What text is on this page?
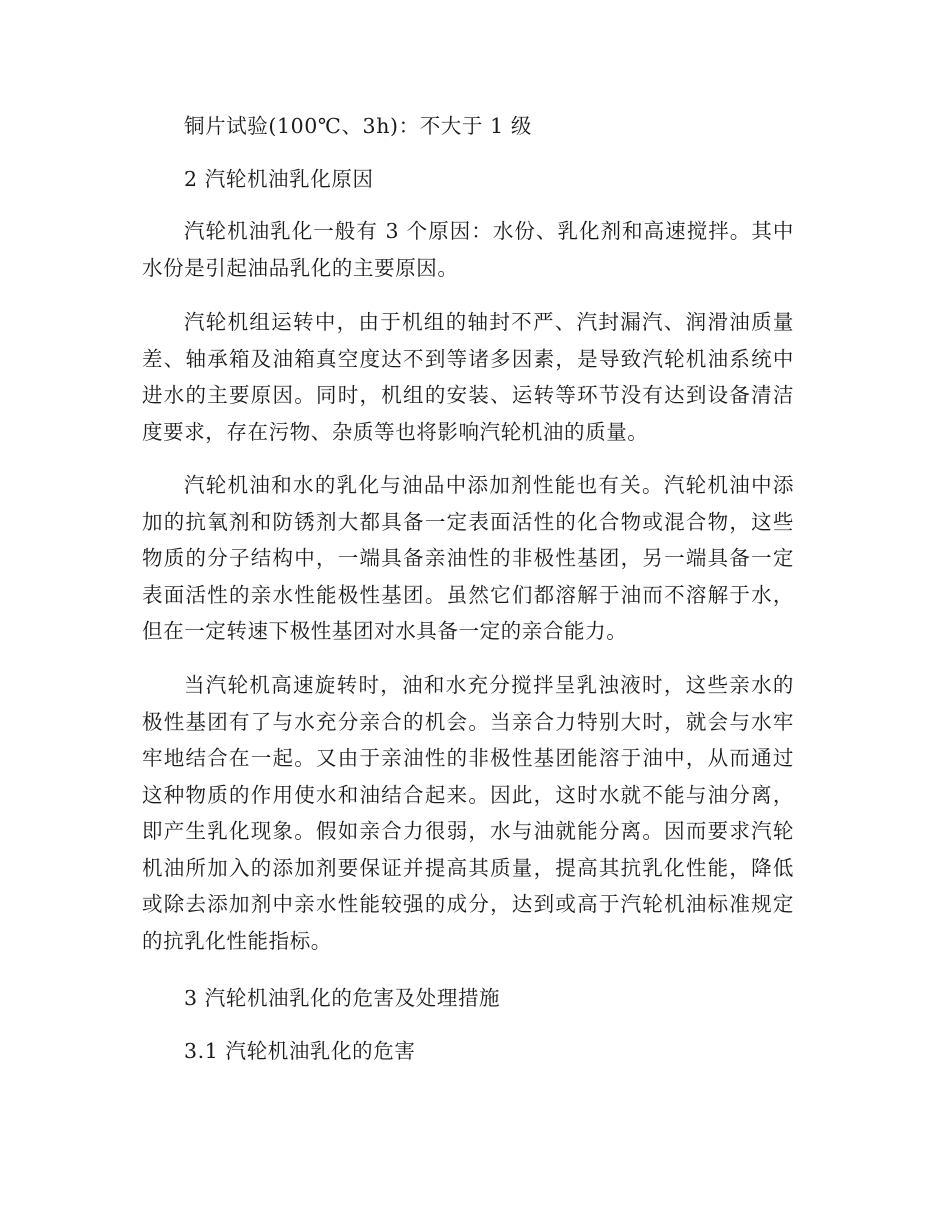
铜片试验(100℃、3h)：不大于 1 级

2 汽轮机油乳化原因

汽轮机油乳化一般有 3 个原因：水份、乳化剂和高速搅拌。其中水份是引起油品乳化的主要原因。

汽轮机组运转中，由于机组的轴封不严、汽封漏汽、润滑油质量差、轴承箱及油箱真空度达不到等诸多因素，是导致汽轮机油系统中进水的主要原因。同时，机组的安装、运转等环节没有达到设备清洁度要求，存在污物、杂质等也将影响汽轮机油的质量。

汽轮机油和水的乳化与油品中添加剂性能也有关。汽轮机油中添加的抗氧剂和防锈剂大都具备一定表面活性的化合物或混合物，这些物质的分子结构中，一端具备亲油性的非极性基团，另一端具备一定表面活性的亲水性能极性基团。虽然它们都溶解于油而不溶解于水，但在一定转速下极性基团对水具备一定的亲合能力。

当汽轮机高速旋转时，油和水充分搅拌呈乳浊液时，这些亲水的极性基团有了与水充分亲合的机会。当亲合力特别大时，就会与水牢牢地结合在一起。又由于亲油性的非极性基团能溶于油中，从而通过这种物质的作用使水和油结合起来。因此，这时水就不能与油分离，即产生乳化现象。假如亲合力很弱，水与油就能分离。因而要求汽轮机油所加入的添加剂要保证并提高其质量，提高其抗乳化性能，降低或除去添加剂中亲水性能较强的成分，达到或高于汽轮机油标准规定的抗乳化性能指标。

3 汽轮机油乳化的危害及处理措施

3.1 汽轮机油乳化的危害
